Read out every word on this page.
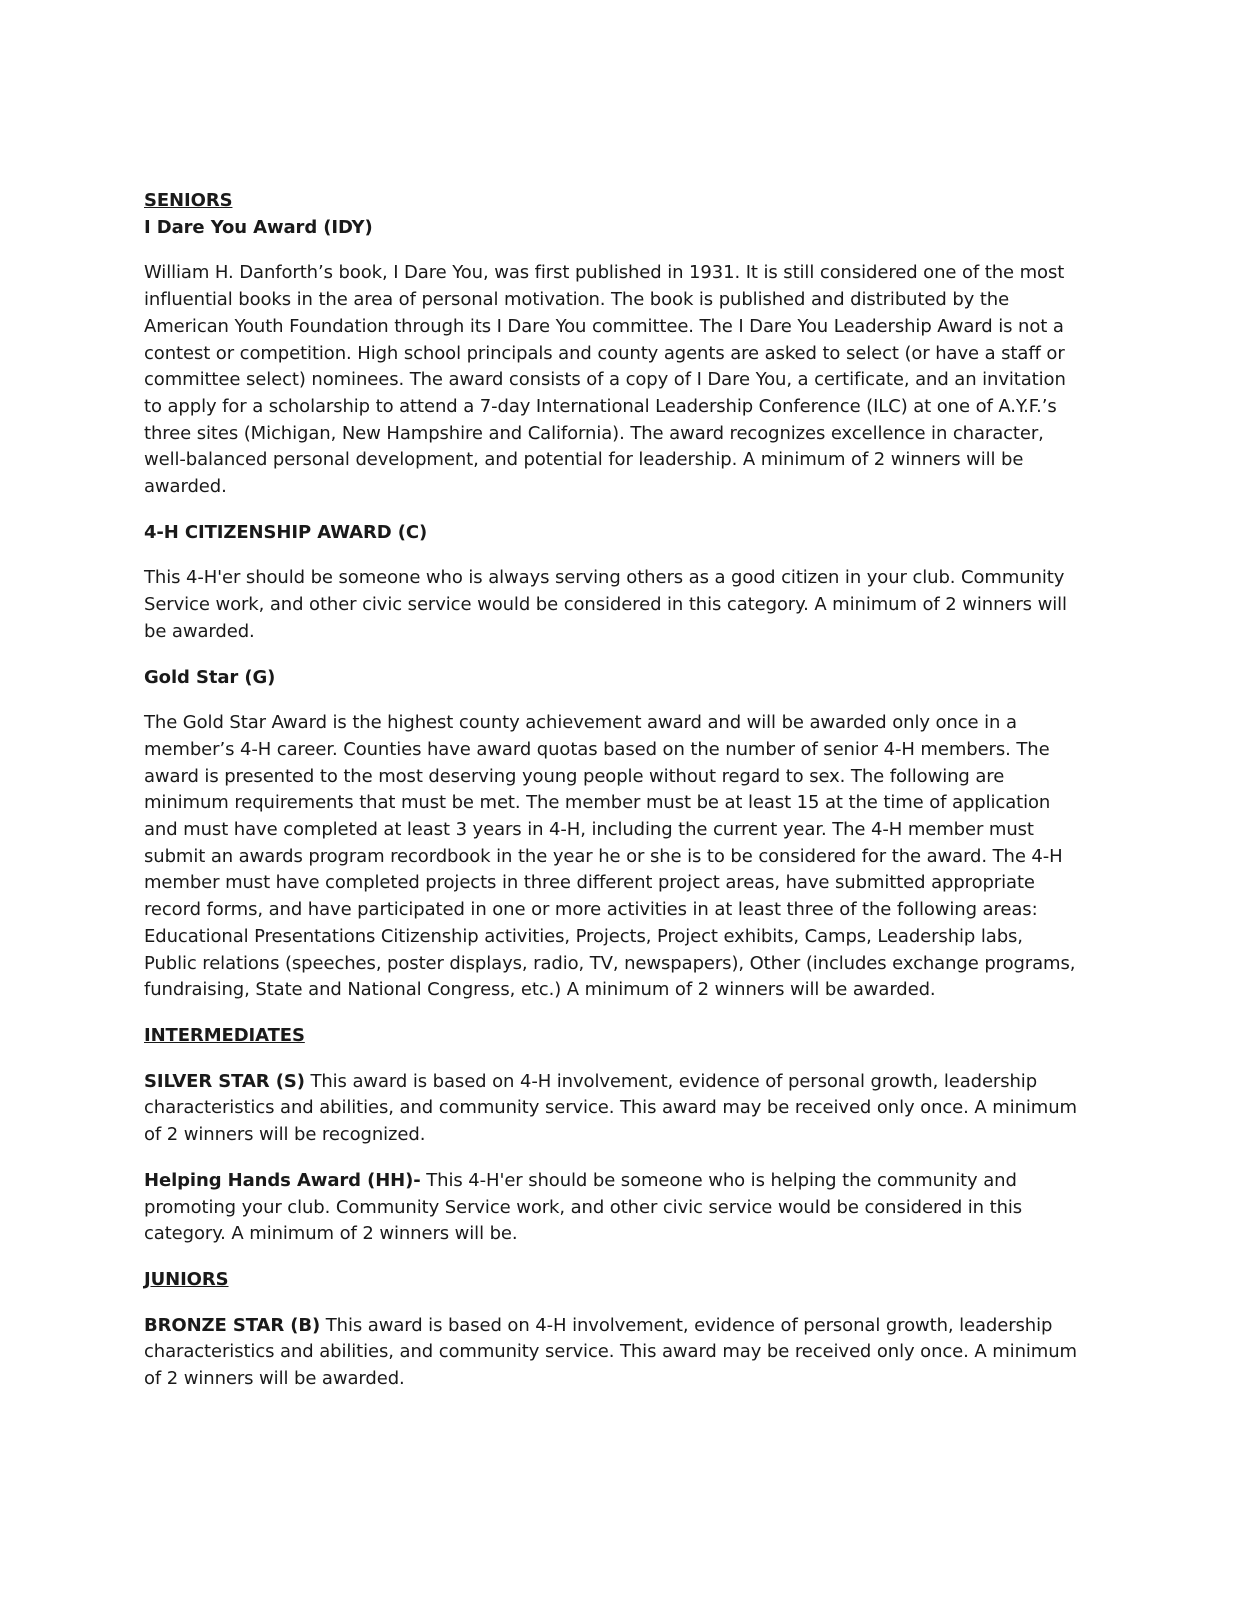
SENIORS

I Dare You Award (IDY)

William H. Danforth’s book, I Dare You, was first published in 1931. It is still considered one of the most influential books in the area of personal motivation. The book is published and distributed by the American Youth Foundation through its I Dare You committee. The I Dare You Leadership Award is not a contest or competition. High school principals and county agents are asked to select (or have a staff or committee select) nominees. The award consists of a copy of I Dare You, a certificate, and an invitation to apply for a scholarship to attend a 7-day International Leadership Conference (ILC) at one of A.Y.F.’s three sites (Michigan, New Hampshire and California). The award recognizes excellence in character, well-balanced personal development, and potential for leadership. A minimum of 2 winners will be awarded.

4-H CITIZENSHIP AWARD (C)

This 4-H'er should be someone who is always serving others as a good citizen in your club. Community Service work, and other civic service would be considered in this category. A minimum of 2 winners will be awarded.

Gold Star (G)

The Gold Star Award is the highest county achievement award and will be awarded only once in a member’s 4-H career. Counties have award quotas based on the number of senior 4-H members. The award is presented to the most deserving young people without regard to sex. The following are minimum requirements that must be met. The member must be at least 15 at the time of application and must have completed at least 3 years in 4-H, including the current year. The 4-H member must submit an awards program recordbook in the year he or she is to be considered for the award. The 4-H member must have completed projects in three different project areas, have submitted appropriate record forms, and have participated in one or more activities in at least three of the following areas: Educational Presentations Citizenship activities, Projects, Project exhibits, Camps, Leadership labs, Public relations (speeches, poster displays, radio, TV, newspapers), Other (includes exchange programs, fundraising, State and National Congress, etc.) A minimum of 2 winners will be awarded.

INTERMEDIATES

SILVER STAR (S) This award is based on 4-H involvement, evidence of personal growth, leadership characteristics and abilities, and community service. This award may be received only once. A minimum of 2 winners will be recognized.

Helping Hands Award (HH)- This 4-H'er should be someone who is helping the community and promoting your club. Community Service work, and other civic service would be considered in this category. A minimum of 2 winners will be.

JUNIORS

BRONZE STAR (B) This award is based on 4-H involvement, evidence of personal growth, leadership characteristics and abilities, and community service. This award may be received only once. A minimum of 2 winners will be awarded.
